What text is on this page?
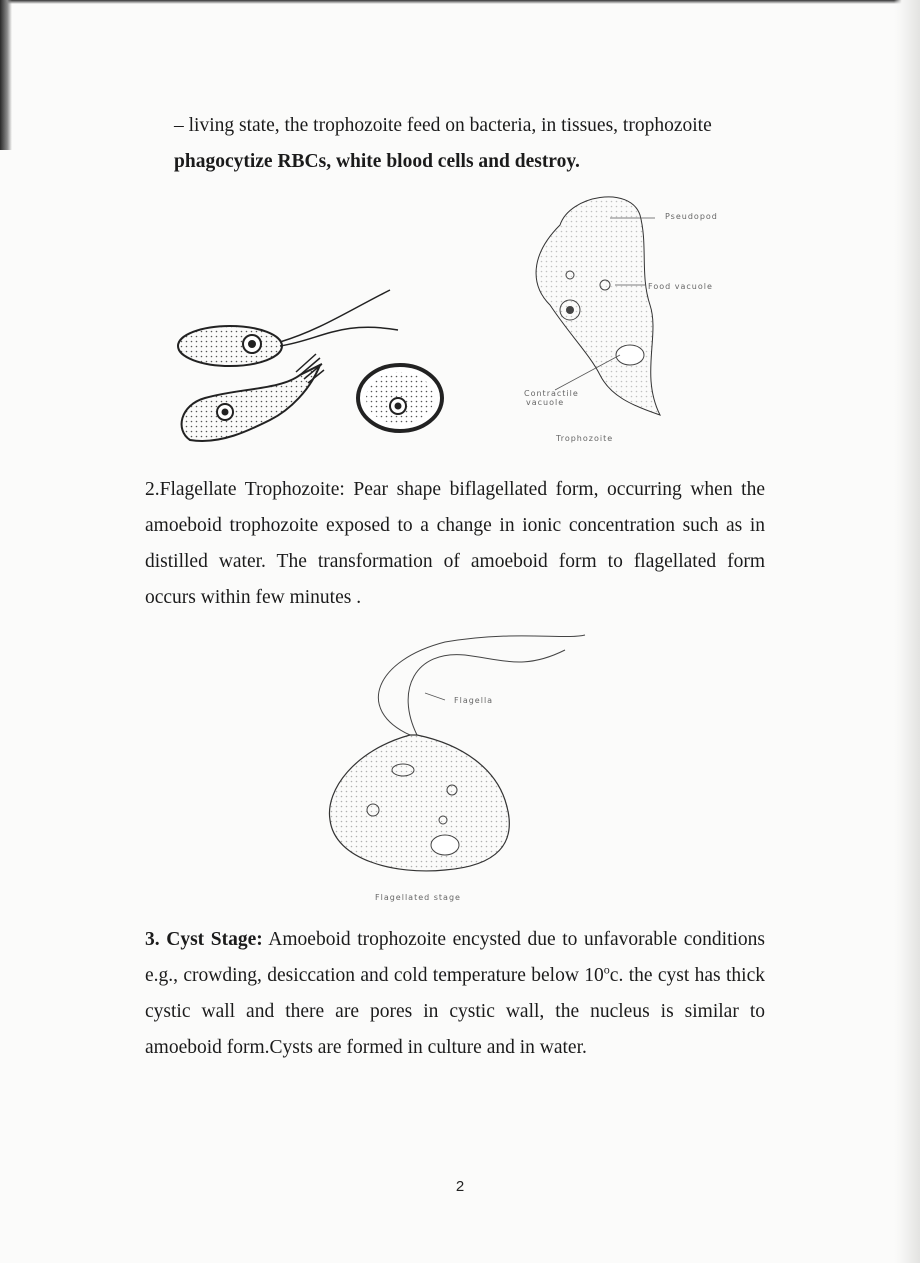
– living state, the trophozoite feed on bacteria, in tissues, trophozoite
phagocytize RBCs, white blood cells and destroy.

Pseudopod
Food vacuole
Contractile
vacuole
Trophozoite

2.Flagellate Trophozoite: Pear shape biflagellated form, occurring when the amoeboid trophozoite exposed to a change in ionic concentration such as in distilled water. The transformation of amoeboid form to flagellated form occurs within few minutes .

Flagella
Flagellated stage

3. Cyst Stage: Amoeboid trophozoite encysted due to unfavorable conditions e.g., crowding, desiccation and cold temperature below 10$^o$c. the cyst has thick cystic wall and there are pores in cystic wall, the nucleus is similar to amoeboid form.Cysts are formed in culture and in water.

2
